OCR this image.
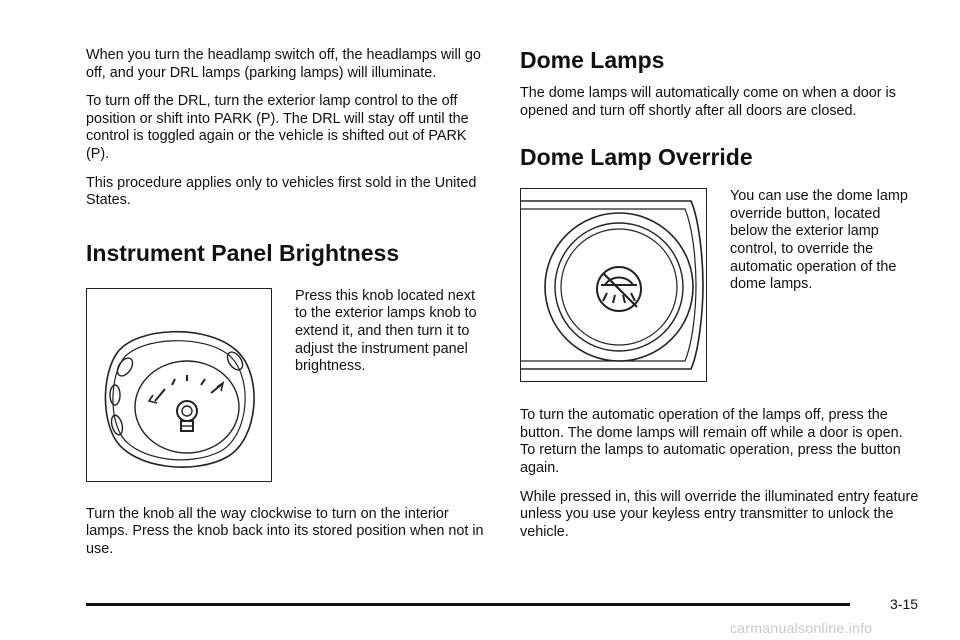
When you turn the headlamp switch off, the headlamps will go off, and your DRL lamps (parking lamps) will illuminate.

To turn off the DRL, turn the exterior lamp control to the off position or shift into PARK (P). The DRL will stay off until the control is toggled again or the vehicle is shifted out of PARK (P).

This procedure applies only to vehicles first sold in the United States.

Instrument Panel Brightness

Press this knob located next to the exterior lamps knob to extend it, and then turn it to adjust the instrument panel brightness.

Turn the knob all the way clockwise to turn on the interior lamps. Press the knob back into its stored position when not in use.

Dome Lamps

The dome lamps will automatically come on when a door is opened and turn off shortly after all doors are closed.

Dome Lamp Override

You can use the dome lamp override button, located below the exterior lamp control, to override the automatic operation of the dome lamps.

To turn the automatic operation of the lamps off, press the button. The dome lamps will remain off while a door is open. To return the lamps to automatic operation, press the button again.

While pressed in, this will override the illuminated entry feature unless you use your keyless entry transmitter to unlock the vehicle.

3-15
carmanualsonline.info
